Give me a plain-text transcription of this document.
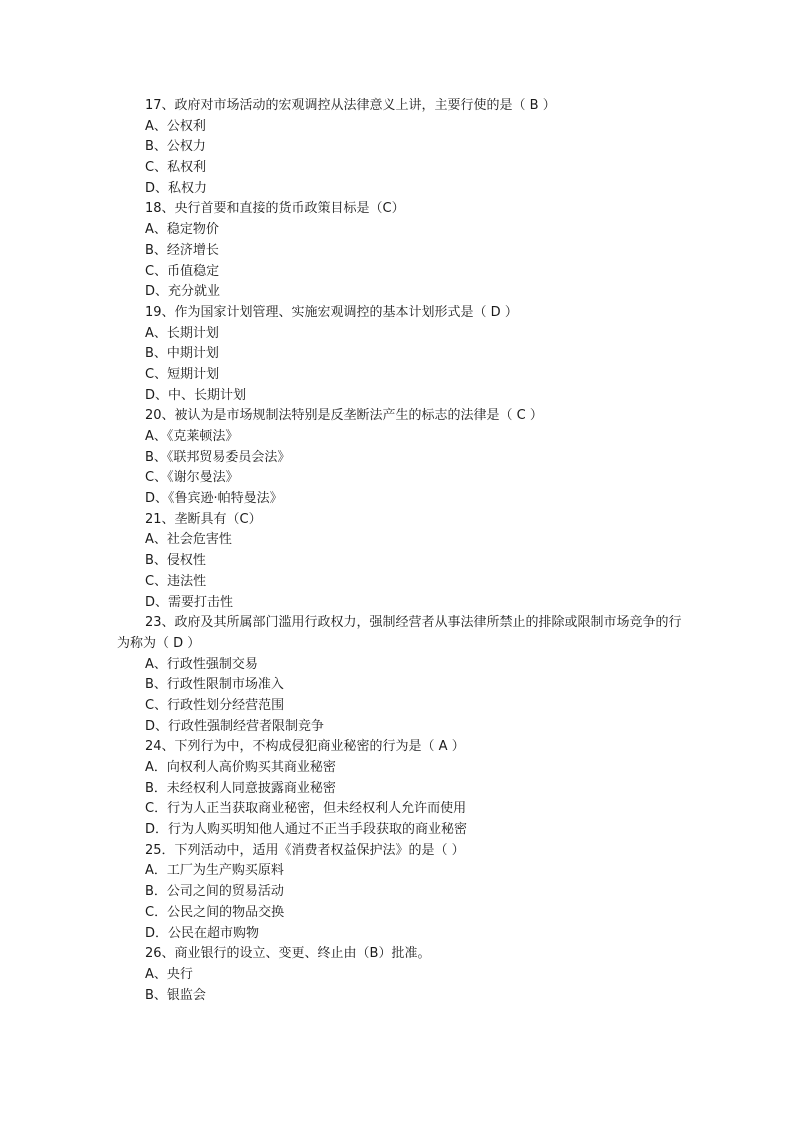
17、政府对市场活动的宏观调控从法律意义上讲，主要行使的是（ B ）

A、公权利

B、公权力

C、私权利

D、私权力

18、央行首要和直接的货币政策目标是（C）

A、稳定物价

B、经济增长

C、币值稳定

D、充分就业

19、作为国家计划管理、实施宏观调控的基本计划形式是（ D ）

A、长期计划

B、中期计划

C、短期计划

D、中、长期计划

20、被认为是市场规制法特别是反垄断法产生的标志的法律是（ C ）

A、《克莱顿法》

B、《联邦贸易委员会法》

C、《谢尔曼法》

D、《鲁宾逊·帕特曼法》

21、垄断具有（C）

A、社会危害性

B、侵权性

C、违法性

D、需要打击性

23、政府及其所属部门滥用行政权力，强制经营者从事法律所禁止的排除或限制市场竞争的行为称为（ D ）

A、行政性强制交易

B、行政性限制市场准入

C、行政性划分经营范围

D、行政性强制经营者限制竞争

24、下列行为中，不构成侵犯商业秘密的行为是（ A ）

A．向权利人高价购买其商业秘密

B．未经权利人同意披露商业秘密

C．行为人正当获取商业秘密，但未经权利人允许而使用

D．行为人购买明知他人通过不正当手段获取的商业秘密

25．下列活动中，适用《消费者权益保护法》的是（ ）

A．工厂为生产购买原料

B．公司之间的贸易活动

C．公民之间的物品交换

D．公民在超市购物

26、商业银行的设立、变更、终止由（B）批准。

A、央行

B、银监会
